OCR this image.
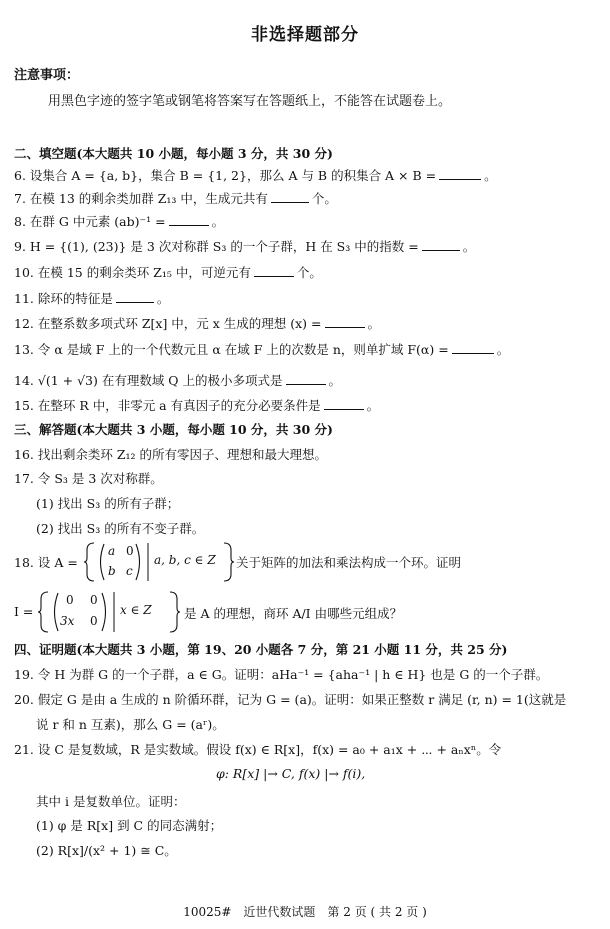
非选择题部分
注意事项：
用黑色字迹的签字笔或钢笔将答案写在答题纸上，不能答在试题卷上。
二、填空题(本大题共 10 小题，每小题 3 分，共 30 分)
6. 设集合 A = {a, b}，集合 B = {1, 2}，那么 A 与 B 的积集合 A × B =	。
7. 在模 13 的剩余类加群 Z₁₃ 中，生成元共有	个。
8. 在群 G 中元素 (ab)⁻¹ =	。
9. H = {(1), (23)} 是 3 次对称群 S₃ 的一个子群，H 在 S₃ 中的指数 =	。
10. 在模 15 的剩余类环 Z₁₅ 中，可逆元有	个。
11. 除环的特征是	。
12. 在整系数多项式环 Z[x] 中，元 x 生成的理想 (x) =	。
13. 令 α 是域 F 上的一个代数元且 α 在域 F 上的次数是 n，则单扩域 F(α) =	。
14. √(1 + √3) 在有理数域 Q 上的极小多项式是	。
15. 在整环 R 中，非零元 a 有真因子的充分必要条件是	。
三、解答题(本大题共 3 小题，每小题 10 分，共 30 分)
16. 找出剩余类环 Z₁₂ 的所有零因子、理想和最大理想。
17. 令 S₃ 是 3 次对称群。
(1) 找出 S₃ 的所有子群；
(2) 找出 S₃ 的所有不变子群。
18. 设 A =
a 0
b c
a, b, c ∈ Z 关于矩阵的加法和乘法构成一个环。证明
I =
0 0
3x 0
x ∈ Z	是 A 的理想，商环 A/I 由哪些元组成？
四、证明题(本大题共 3 小题，第 19、20 小题各 7 分，第 21 小题 11 分，共 25 分)
19. 令 H 为群 G 的一个子群，a ∈ G。证明：aHa⁻¹ = {aha⁻¹ | h ∈ H} 也是 G 的一个子群。
20. 假定 G 是由 a 生成的 n 阶循环群，记为 G = (a)。证明：如果正整数 r 满足 (r, n) = 1(这就是
说 r 和 n 互素)，那么 G = (aʳ)。
21. 设 C 是复数域，R 是实数域。假设 f(x) ∈ R[x]，f(x) = a₀ + a₁x + ⋯ + aₙxⁿ。令
φ: R[x] |→ C, f(x) |→ f(i),
其中 i 是复数单位。证明：
(1) φ 是 R[x] 到 C 的同态满射；
(2) R[x]/(x² + 1) ≅ C。
10025#　近世代数试题　第 2 页 ( 共 2 页 )
